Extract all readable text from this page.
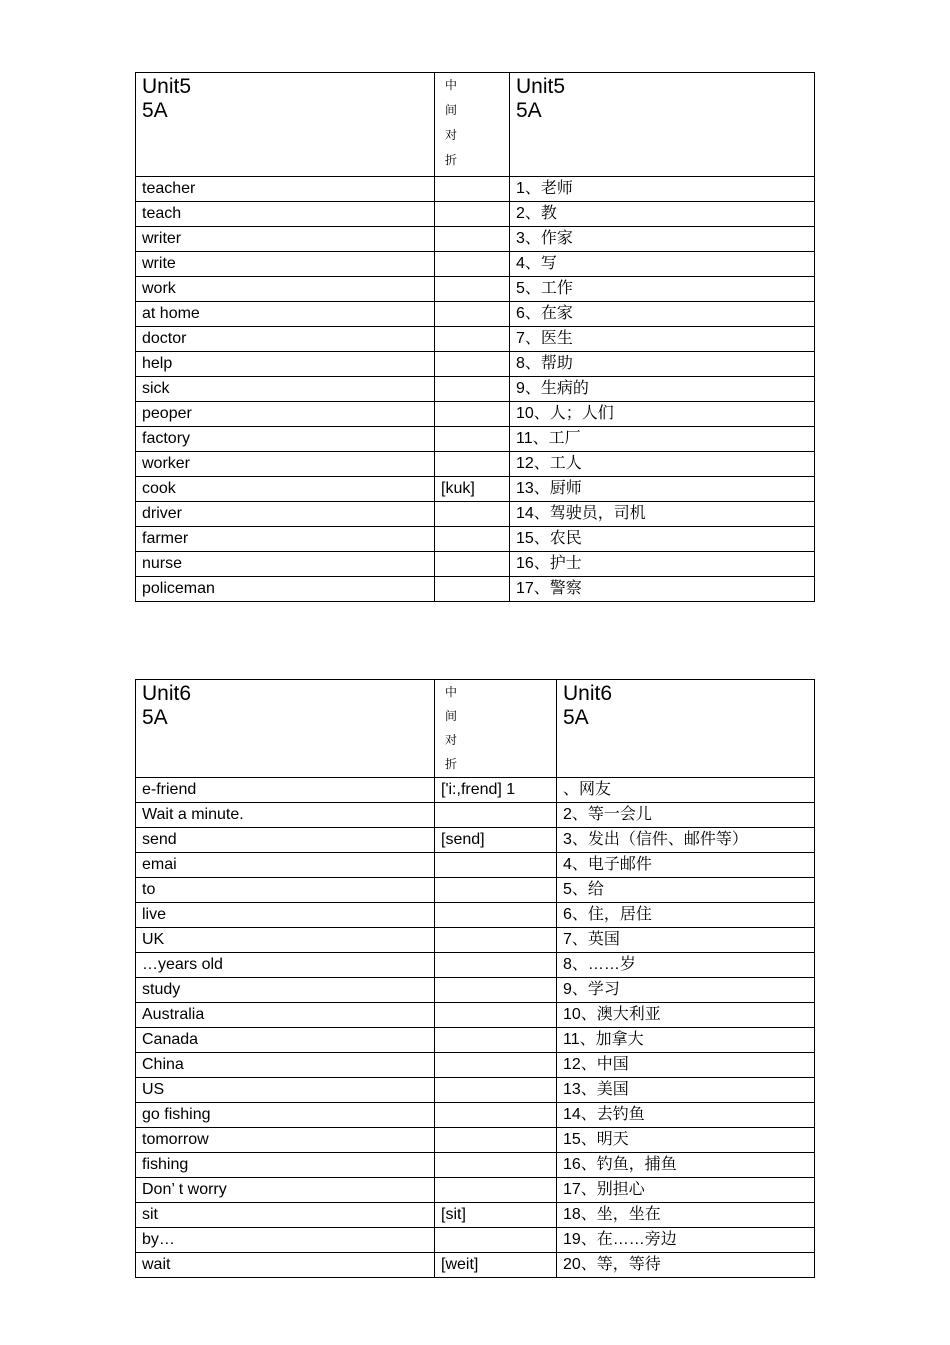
Unit5
5A	中
间
对
折	Unit5
5A

teacher		1、老师
teach		2、教
writer		3、作家
write		4、写
work		5、工作
at home		6、在家
doctor		7、医生
help		8、帮助
sick		9、生病的
peoper		10、人；人们
factory		11、工厂
worker		12、工人
cook	[kuk]	13、厨师
driver		14、驾驶员，司机
farmer		15、农民
nurse		16、护士
policeman		17、警察
Unit6
5A	中
间
对
折	Unit6
5A

e-friend	['i:,frend] 1	、网友
Wait a minute.		2、等一会儿
send	[send]	3、发出（信件、邮件等）
emai		4、电子邮件
to		5、给
live		6、住，居住
UK		7、英国
…years old		8、……岁
study		9、学习
Australia		10、澳大利亚
Canada		11、加拿大
China		12、中国
US		13、美国
go fishing		14、去钓鱼
tomorrow		15、明天
fishing		16、钓鱼，捕鱼
Don’ t worry		17、别担心
sit	[sit]	18、坐，坐在
by…		19、在……旁边
wait	[weit]	20、等，等待
